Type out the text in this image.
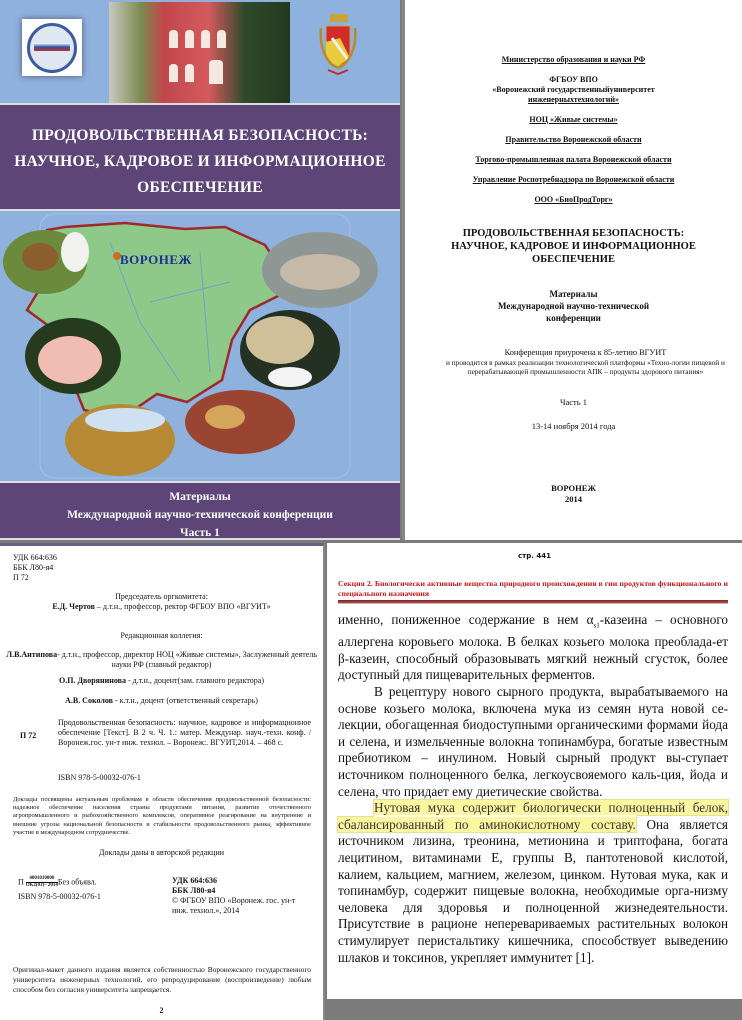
ПРОДОВОЛЬСТВЕННАЯ БЕЗОПАСНОСТЬ:
НАУЧНОЕ, КАДРОВОЕ И ИНФОРМАЦИОННОЕ
ОБЕСПЕЧЕНИЕ
ВОРОНЕЖ
Материалы
Международной научно-технической конференции
Часть 1
Министерство образования и науки РФ
ФГБОУ ВПО
«Воронежский государственныйуниверситет
инженерныхтехнологий»
НОЦ «Живые системы»
Правительство Воронежской области
Торгово-промышленная палата Воронежской области
Управление Роспотребнадзора по Воронежской области
ООО «БиоПродТорг»
ПРОДОВОЛЬСТВЕННАЯ БЕЗОПАСНОСТЬ:
НАУЧНОЕ, КАДРОВОЕ И ИНФОРМАЦИОННОЕ
ОБЕСПЕЧЕНИЕ
Материалы
Международной научно-технической
конференции
Конференция приурочена к 85-летию ВГУИТ
и проводится в рамках реализации технологической платформы «Техно-логии пищевой и перерабатывающей промышленности АПК – продукты здорового питания»
Часть 1
13-14 ноября 2014 года
ВОРОНЕЖ
2014
УДК 664:636
ББК Л80-я4
П 72
Председатель оргкомитета:
Е.Д. Чертов – д.т.н., профессор, ректор ФГБОУ ВПО «ВГУИТ»
Редакционная коллегия:
Л.В.Антипова- д.т.н., профессор, директор НОЦ «Живые системы», Заслуженный деятель науки РФ (главный редактор)
О.П. Дворянинова - д.т.н., доцент(зам. главного редактора)
А.В. Соколов - к.т.н., доцент (ответственный секретарь)
П 72
Продовольственная безопасность: научное, кадровое и информационное обеспечение [Текст]. В 2 ч. Ч. 1.: матер. Междунар. науч.-техн. конф. /Воронеж.гос. ун-т инж. технол. – Воронеж:. ВГУИТ,2014. – 468 с.
ISBN 978-5-00032-076-1
Доклады посвящены актуальным проблемам в области обеспечения продовольственной безопасности: надежное обеспечение населения страны продуктами питания, развитие отечественного агропромышленного и рыбохозяйственного комплексов, оперативное реагирование на внутренние и внешние угрозы национальной безопасности и стабильности продовольственного рынка, эффективное участие в международном сотрудничестве.
Доклады даны в авторской редакции
П $\frac{4001010000}{ОК2(03)- 2014}$ Без объявл.
ISBN 978-5-00032-076-1
УДК 664:636
ББК Л80-я4
© ФГБОУ ВПО «Воронеж. гос. ун-т инж. технол.», 2014
Оригинал-макет данного издания является собственностью Воронежского государственного университета инженерных технологий, его репродуцирование (воспроизведение) любым способом без согласия университета запрещается.
2
стр. 441
Секция 2. Биологически активные вещества природного происхождения в гии продуктов функционального и специального назначения

именно, пониженное содержание в нем $\alpha_{s1}$-казеина – основного аллергена коровьего молока. В белках козьего молока преоблада-ет β-казеин, способный образовывать мягкий нежный сгусток, более доступный для пищеварительных ферментов.

В рецептуру нового сырного продукта, вырабатываемого на основе козьего молока, включена мука из семян нута новой се-лекции, обогащенная биодоступными органическими формами йода и селена, и измельченные волокна топинамбура, богатые известным пребиотиком – инулином. Новый сырный продукт вы-ступает источником полноценного белка, легкоусвояемого каль-ция, йода и селена, что придает ему диетические свойства.

Нутовая мука содержит биологически полноценный белок, сбалансированный по аминокислотному составу. Она является источником лизина, треонина, метионина и триптофана, богата лецитином, витаминами Е, группы В, пантотеновой кислотой, калием, кальцием, магнием, железом, цинком. Нутовая мука, как и топинамбур, содержит пищевые волокна, необходимые орга-низму человека для здоровья и полноценной жизнедеятельности. Присутствие в рационе неперевариваемых растительных волокон стимулирует перистальтику кишечника, способствует выведению шлаков и токсинов, укрепляет иммунитет [1].
